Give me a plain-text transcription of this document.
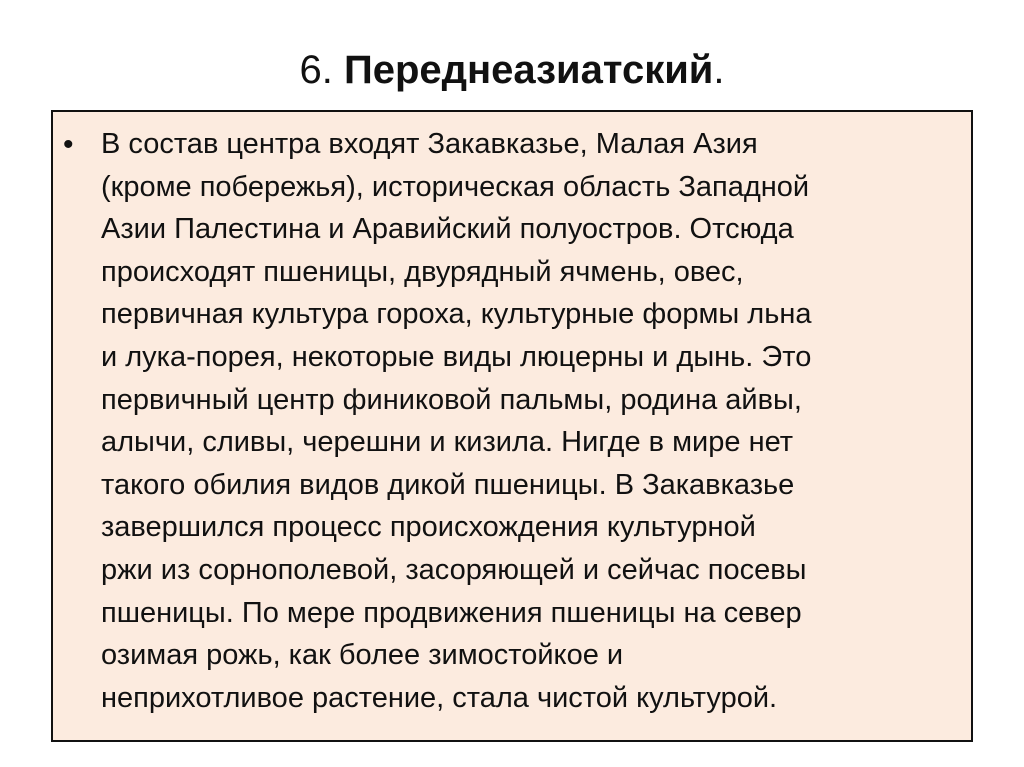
6. Переднеазиатский.
• В состав центра входят Закавказье, Малая Азия
(кроме побережья), историческая область Западной
Азии Палестина и Аравийский полуостров. Отсюда
происходят пшеницы, двурядный ячмень, овес,
первичная культура гороха, культурные формы льна
и лука-порея, некоторые виды люцерны и дынь. Это
первичный центр финиковой пальмы, родина айвы,
алычи, сливы, черешни и кизила. Нигде в мире нет
такого обилия видов дикой пшеницы. В Закавказье
завершился процесс происхождения культурной
ржи из сорнополевой, засоряющей и сейчас посевы
пшеницы. По мере продвижения пшеницы на север
озимая рожь, как более зимостойкое и
неприхотливое растение, стала чистой культурой.
